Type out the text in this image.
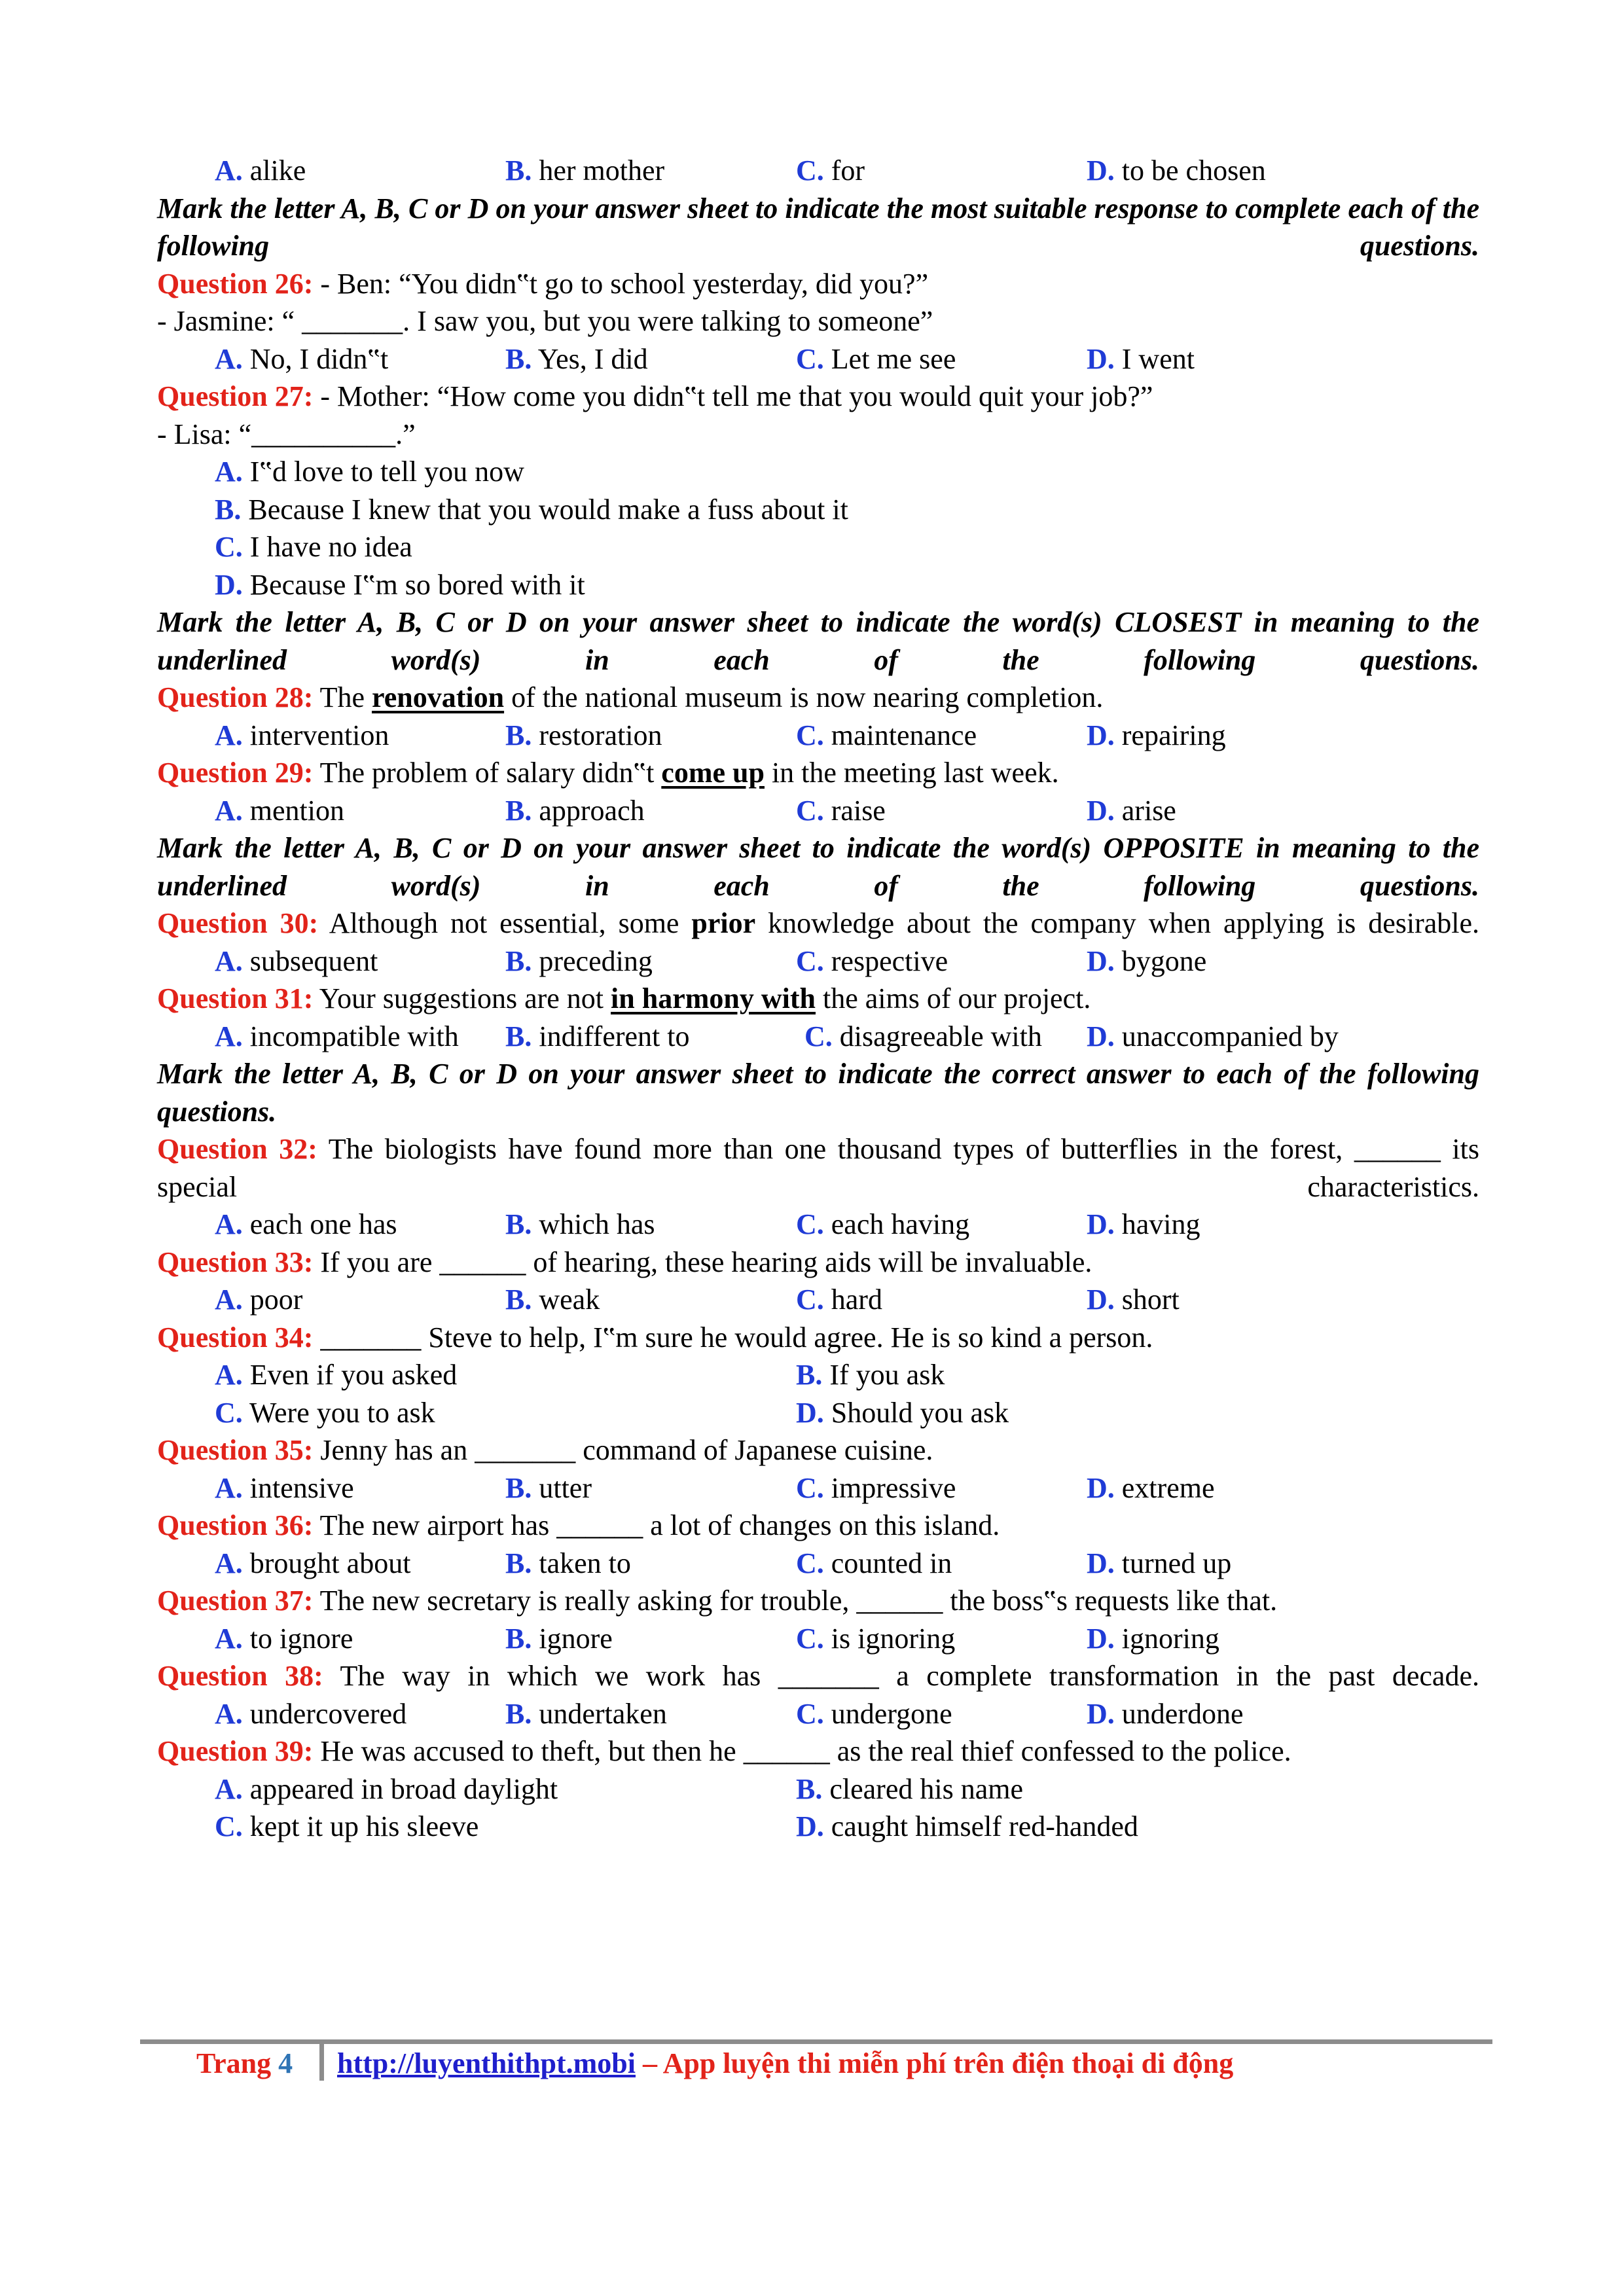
A. alike	B. her mother	C. for	D. to be chosen
Mark the letter A, B, C or D on your answer sheet to indicate the most suitable response to complete each of the following questions.
Question 26: - Ben: “You didn‟t go to school yesterday, did you?”
- Jasmine: “ _______. I saw you, but you were talking to someone”
A. No, I didn‟t	B. Yes, I did	C. Let me see	D. I went
Question 27: - Mother: “How come you didn‟t tell me that you would quit your job?”
- Lisa: “__________.”
A.
I‟d love to tell you now
B.
Because I knew that you would make a fuss about it
C.
I have no idea
D.
Because I‟m so bored with it
Mark the letter A, B, C or D on your answer sheet to indicate the word(s) CLOSEST in meaning to the underlined word(s) in each of the following questions.
Question 28: The renovation of the national museum is now nearing completion.
A. intervention	B. restoration	C. maintenance	D. repairing
Question 29: The problem of salary didn‟t come up in the meeting last week.
A. mention	B. approach	C. raise	D. arise
Mark the letter A, B, C or D on your answer sheet to indicate the word(s) OPPOSITE in meaning to the underlined word(s) in each of the following questions.
Question 30: Although not essential, some prior knowledge about the company when applying is desirable.
A. subsequent	B. preceding	C. respective	D. bygone
Question 31: Your suggestions are not in harmony with the aims of our project.
A. incompatible with	B. indifferent to	C. disagreeable with	D. unaccompanied by
Mark the letter A, B, C or D on your answer sheet to indicate the correct answer to each of the following questions.
Question 32: The biologists have found more than one thousand types of butterflies in the forest, ______ its special characteristics.
A. each one has	B. which has	C. each having	D. having
Question 33: If you are ______ of hearing, these hearing aids will be invaluable.
A. poor	B. weak	C. hard	D. short
Question 34: _______ Steve to help, I‟m sure he would agree. He is so kind a person.
A. Even if you asked	B. If you ask
C. Were you to ask	D. Should you ask
Question 35: Jenny has an _______ command of Japanese cuisine.
A. intensive	B. utter	C. impressive	D. extreme
Question 36: The new airport has ______ a lot of changes on this island.
A. brought about	B. taken to	C. counted in	D. turned up
Question 37: The new secretary is really asking for trouble, ______ the boss‟s requests like that.
A. to ignore	B. ignore	C. is ignoring	D. ignoring
Question 38: The way in which we work has _______ a complete transformation in the past decade.
A. undercovered	B. undertaken	C. undergone	D. underdone
Question 39: He was accused to theft, but then he ______ as the real thief confessed to the police.
A. appeared in broad daylight	B. cleared his name
C. kept it up his sleeve	D. caught himself red-handed
Trang 4 http://luyenthithpt.mobi – App luyện thi miễn phí trên điện thoại di động
